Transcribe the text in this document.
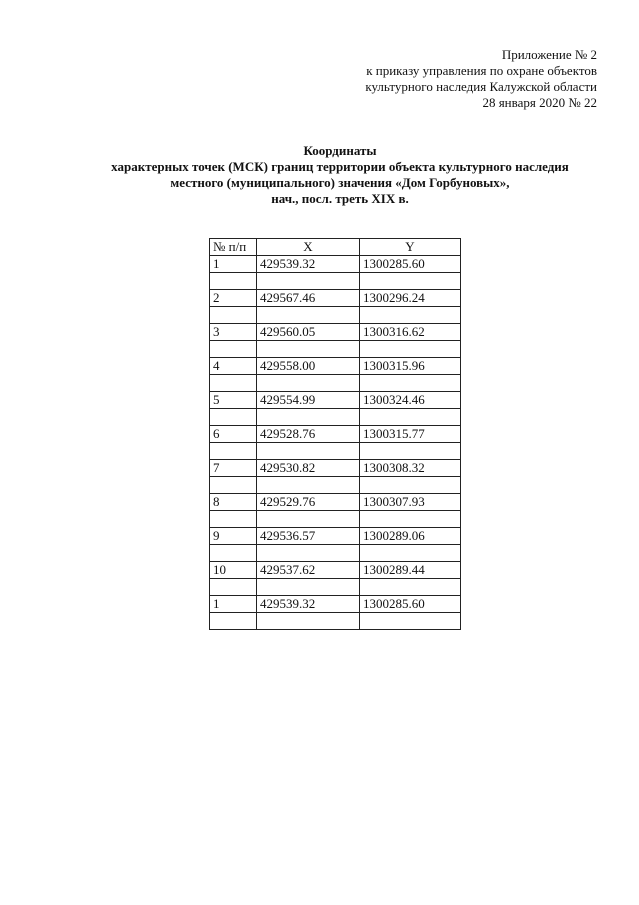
Приложение № 2
к приказу управления по охране объектов
культурного наследия Калужской области
28 января 2020 № 22
Координаты
характерных точек (МСК) границ территории объекта культурного наследия
местного (муниципального) значения «Дом Горбуновых»,
нач., посл. треть XIX в.
№ п/п	X	Y
1	429539.32	1300285.60

2	429567.46	1300296.24

3	429560.05	1300316.62

4	429558.00	1300315.96

5	429554.99	1300324.46

6	429528.76	1300315.77

7	429530.82	1300308.32

8	429529.76	1300307.93

9	429536.57	1300289.06

10	429537.62	1300289.44

1	429539.32	1300285.60
